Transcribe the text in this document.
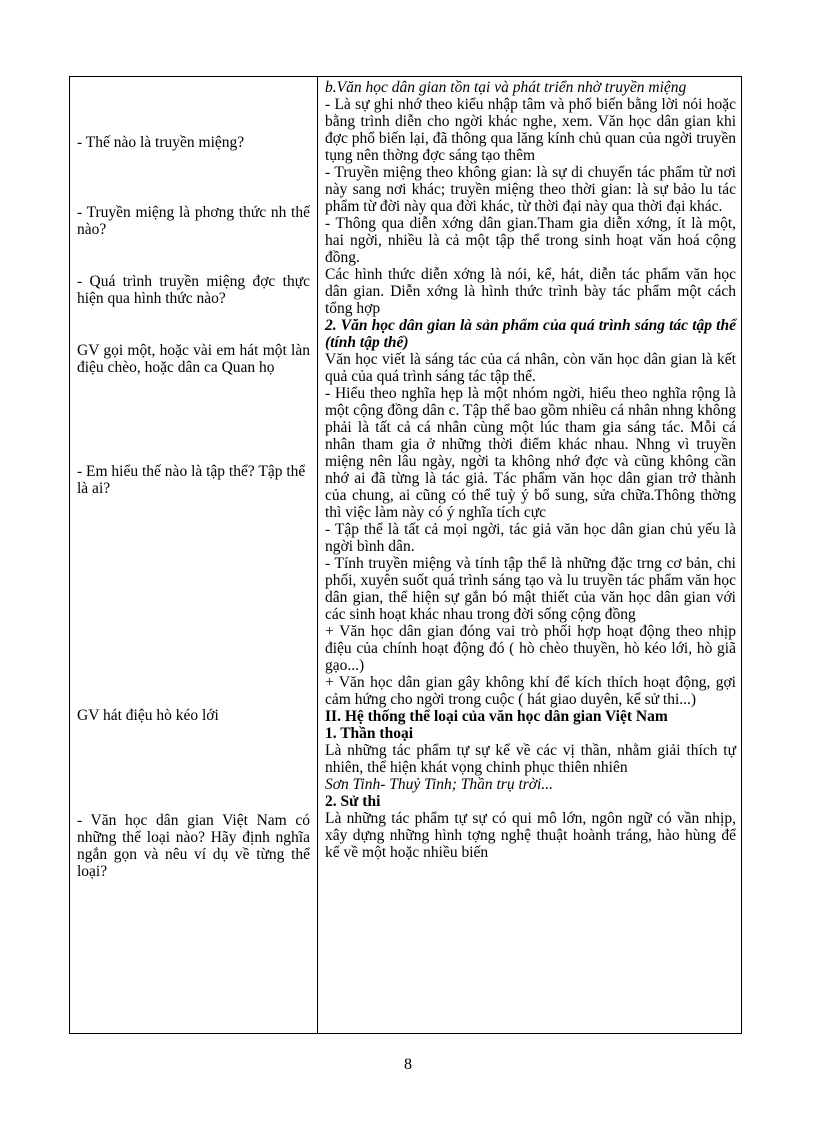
- Thế nào là truyền miệng?

- Truyền miệng là phơng thức nh thế nào?

- Quá trình truyền miệng đợc thực hiện qua hình thức nào?

GV gọi một, hoặc vài em hát một làn điệu chèo, hoặc dân ca Quan họ

- Em hiểu thế nào là tập thể? Tập thể là ai?

GV hát điệu hò kéo lới

- Văn học dân gian Việt Nam có những thể loại nào? Hãy định nghĩa ngắn gọn và nêu ví dụ về từng thể loại?

b.Văn học dân gian tồn tại và phát triển nhờ truyền miệng

- Là sự ghi nhớ theo kiểu nhập tâm và phổ biến bằng lời nói hoặc bằng trình diễn cho ngời khác nghe, xem. Văn học dân gian khi đợc phổ biến lại, đã thông qua lăng kính chủ quan của ngời truyền tụng nên thờng đợc sáng tạo thêm

- Truyền miệng theo không gian: là sự di chuyển tác phẩm từ nơi này sang nơi khác; truyền miệng theo thời gian: là sự bảo lu tác phẩm từ đời này qua đời khác, từ thời đại này qua thời đại khác.

- Thông qua diễn xớng dân gian.Tham gia diễn xớng, ít là một, hai ngời, nhiều là cả một tập thể trong sinh hoạt văn hoá cộng đồng.

Các hình thức diễn xớng là nói, kể, hát, diễn tác phẩm văn học dân gian. Diễn xớng là hình thức trình bày tác phẩm một cách tổng hợp

2. Văn học dân gian là sản phẩm của quá trình sáng tác tập thể (tính tập thể)

Văn học viết là sáng tác của cá nhân, còn văn học dân gian là kết quả của quá trình sáng tác tập thể.

- Hiểu theo nghĩa hẹp là một nhóm ngời, hiểu theo nghĩa rộng là một cộng đồng dân c. Tập thể bao gồm nhiều cá nhân nhng không phải là tất cả cá nhân cùng một lúc tham gia sáng tác. Mỗi cá nhân tham gia ở những thời điểm khác nhau. Nhng vì truyền miệng nên lâu ngày, ngời ta không nhớ đợc và cũng không cần nhớ ai đã từng là tác giả. Tác phẩm văn học dân gian trở thành của chung, ai cũng có thể tuỳ ý bổ sung, sửa chữa.Thông thờng thì việc làm này có ý nghĩa tích cực

- Tập thể là tất cả mọi ngời, tác giả văn học dân gian chủ yếu là ngời bình dân.

- Tính truyền miệng và tính tập thể là những đặc trng cơ bản, chi phối, xuyên suốt quá trình sáng tạo và lu truyền tác phẩm văn học dân gian, thể hiện sự gắn bó mật thiết của văn học dân gian với các sinh hoạt khác nhau trong đời sống cộng đồng

+ Văn học dân gian đóng vai trò phối hợp hoạt động theo nhịp điệu của chính hoạt động đó ( hò chèo thuyền, hò kéo lới, hò giã gạo...)

+ Văn học dân gian gây không khí để kích thích hoạt động, gợi cảm hứng cho ngời trong cuộc ( hát giao duyên, kể sử thi...)

II. Hệ thống thể loại của văn học dân gian Việt Nam

1. Thần thoại

Là những tác phẩm tự sự kể về các vị thần, nhằm giải thích tự nhiên, thể hiện khát vọng chinh phục thiên nhiên

Sơn Tinh- Thuỷ Tinh; Thần trụ trời...

2. Sử thi

Là những tác phẩm tự sự có qui mô lớn, ngôn ngữ có vần nhịp, xây dựng những hình tợng nghệ thuật hoành tráng, hào hùng để kể về một hoặc nhiều biến

8
